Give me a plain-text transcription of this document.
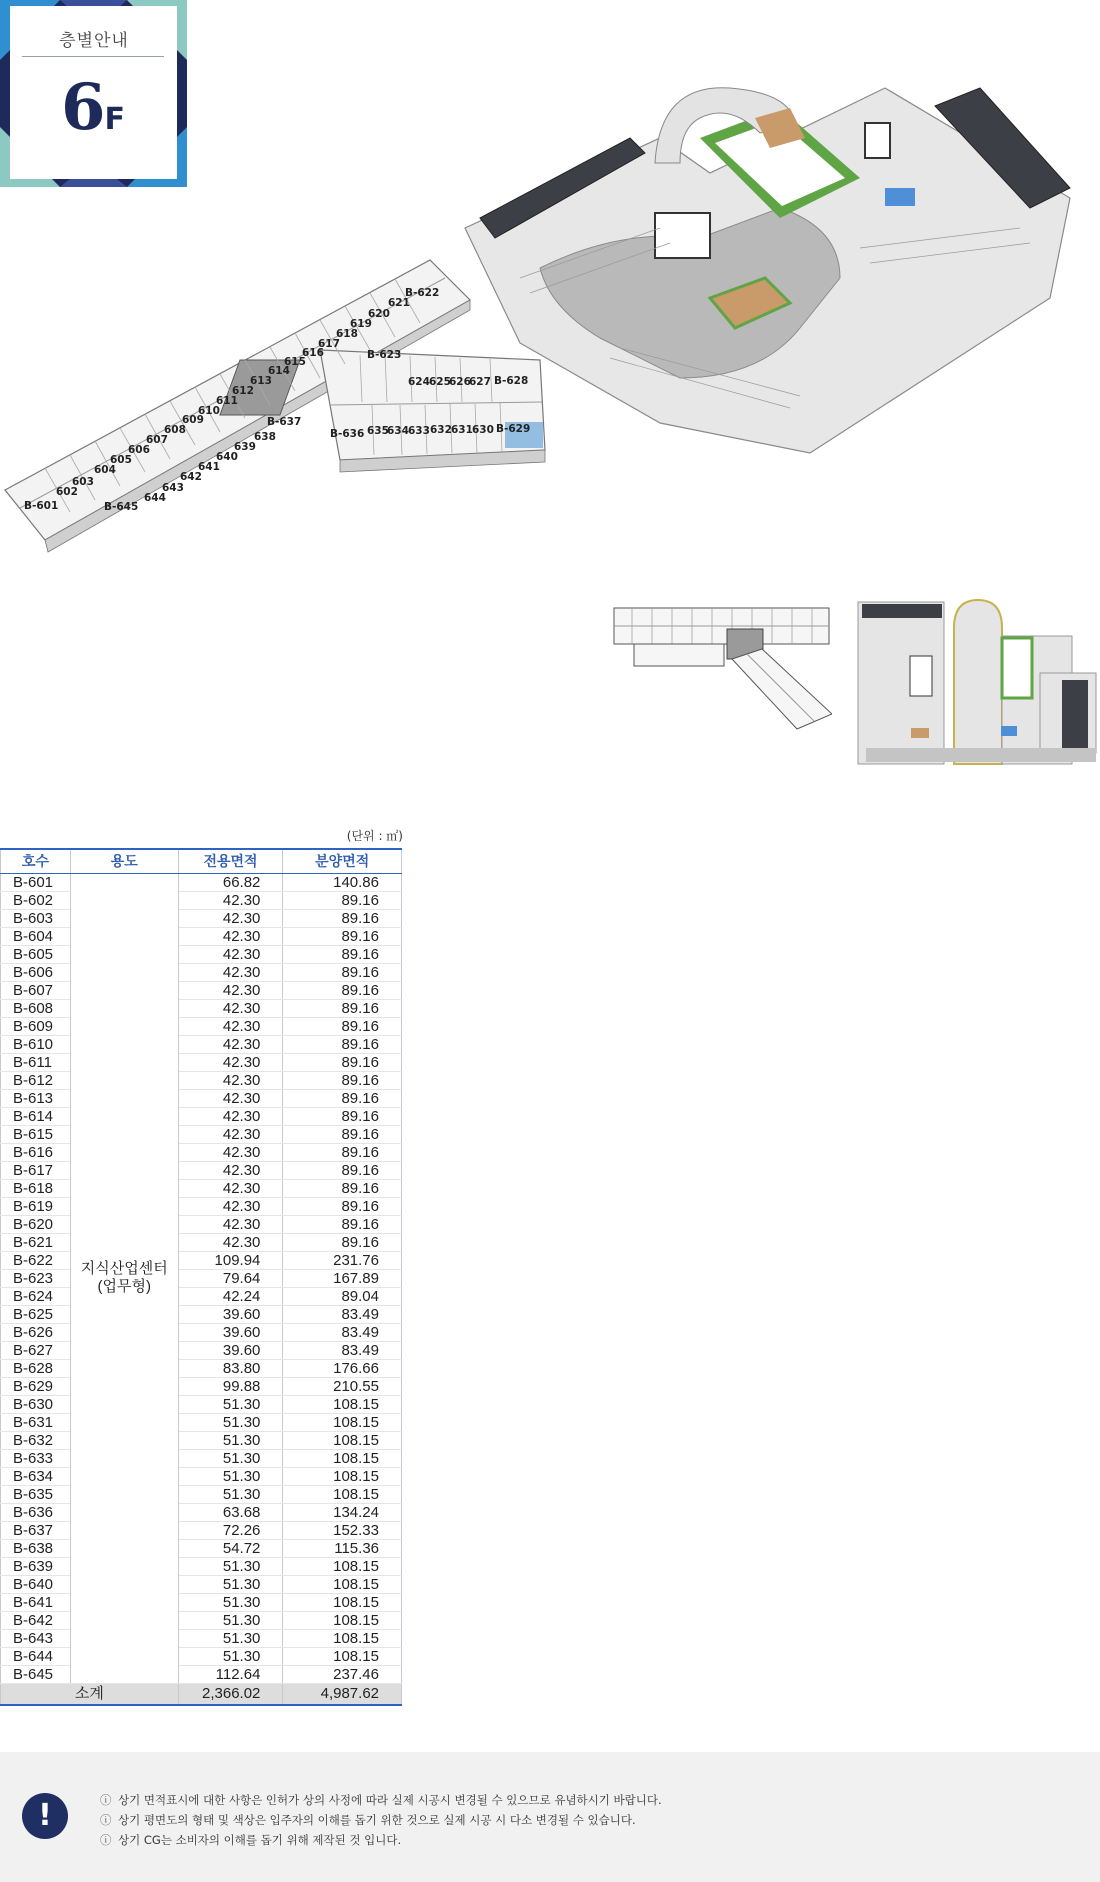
층별안내
6F
B-622
621
620
619
618
617
616
615
614
613
612
611
610
609
608
607
606
605
604
603
602
B-601
B-623
624 625
626
627 B-628
B-637
638
639
640
641
642
643
644
B-645
B-636 635
634 633 632 631 630 B-629
(단위 : ㎡)
호수	용도	전용면적	분양면적
B-601	지식산업센터
(업무형)	66.82	140.86
B-602		42.30	89.16
B-603		42.30	89.16
B-604		42.30	89.16
B-605		42.30	89.16
B-606		42.30	89.16
B-607		42.30	89.16
B-608		42.30	89.16
B-609		42.30	89.16
B-610		42.30	89.16
B-611		42.30	89.16
B-612		42.30	89.16
B-613		42.30	89.16
B-614		42.30	89.16
B-615		42.30	89.16
B-616		42.30	89.16
B-617		42.30	89.16
B-618		42.30	89.16
B-619		42.30	89.16
B-620		42.30	89.16
B-621		42.30	89.16
B-622		109.94	231.76
B-623		79.64	167.89
B-624		42.24	89.04
B-625		39.60	83.49
B-626		39.60	83.49
B-627		39.60	83.49
B-628		83.80	176.66
B-629		99.88	210.55
B-630		51.30	108.15
B-631		51.30	108.15
B-632		51.30	108.15
B-633		51.30	108.15
B-634		51.30	108.15
B-635		51.30	108.15
B-636		63.68	134.24
B-637		72.26	152.33
B-638		54.72	115.36
B-639		51.30	108.15
B-640		51.30	108.15
B-641		51.30	108.15
B-642		51.30	108.15
B-643		51.30	108.15
B-644		51.30	108.15
B-645		112.64	237.46
소계		2,366.02	4,987.62
!	ⓘ 상기 면적표시에 대한 사항은 인허가 상의 사정에 따라 실제 시공시 변경될 수 있으므로 유념하시기 바랍니다.
ⓘ 상기 평면도의 형태 및 색상은 입주자의 이해를 돕기 위한 것으로 실제 시공 시 다소 변경될 수 있습니다.
ⓘ 상기 CG는 소비자의 이해를 돕기 위해 제작된 것 입니다.
